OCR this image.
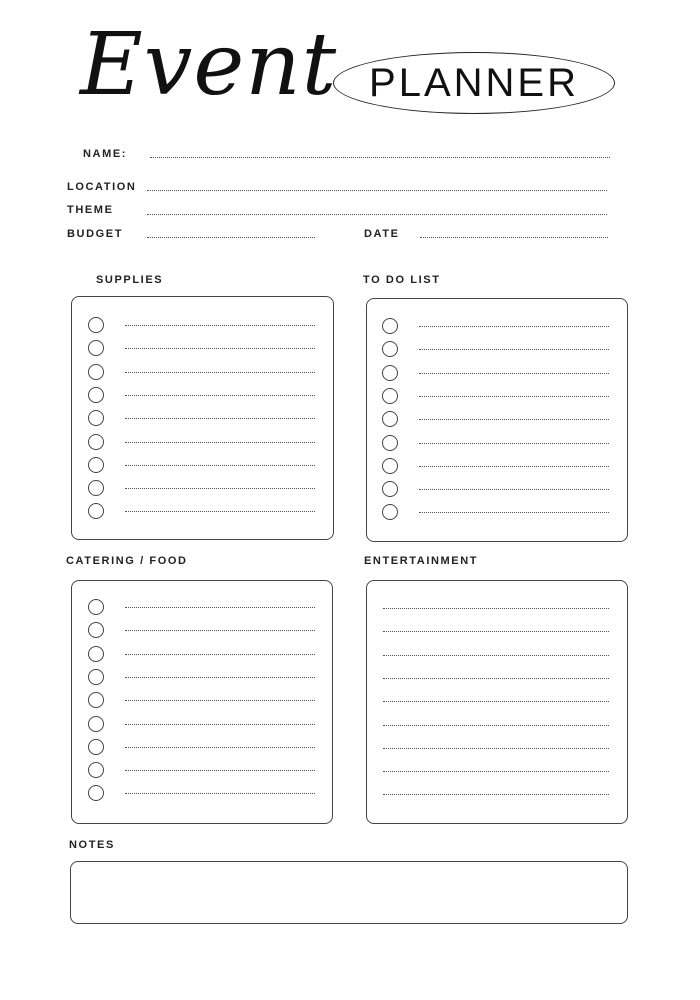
Event PLANNER
NAME:
LOCATION
THEME
BUDGET	DATE
SUPPLIES	TO DO LIST
CATERING / FOOD	ENTERTAINMENT
NOTES
